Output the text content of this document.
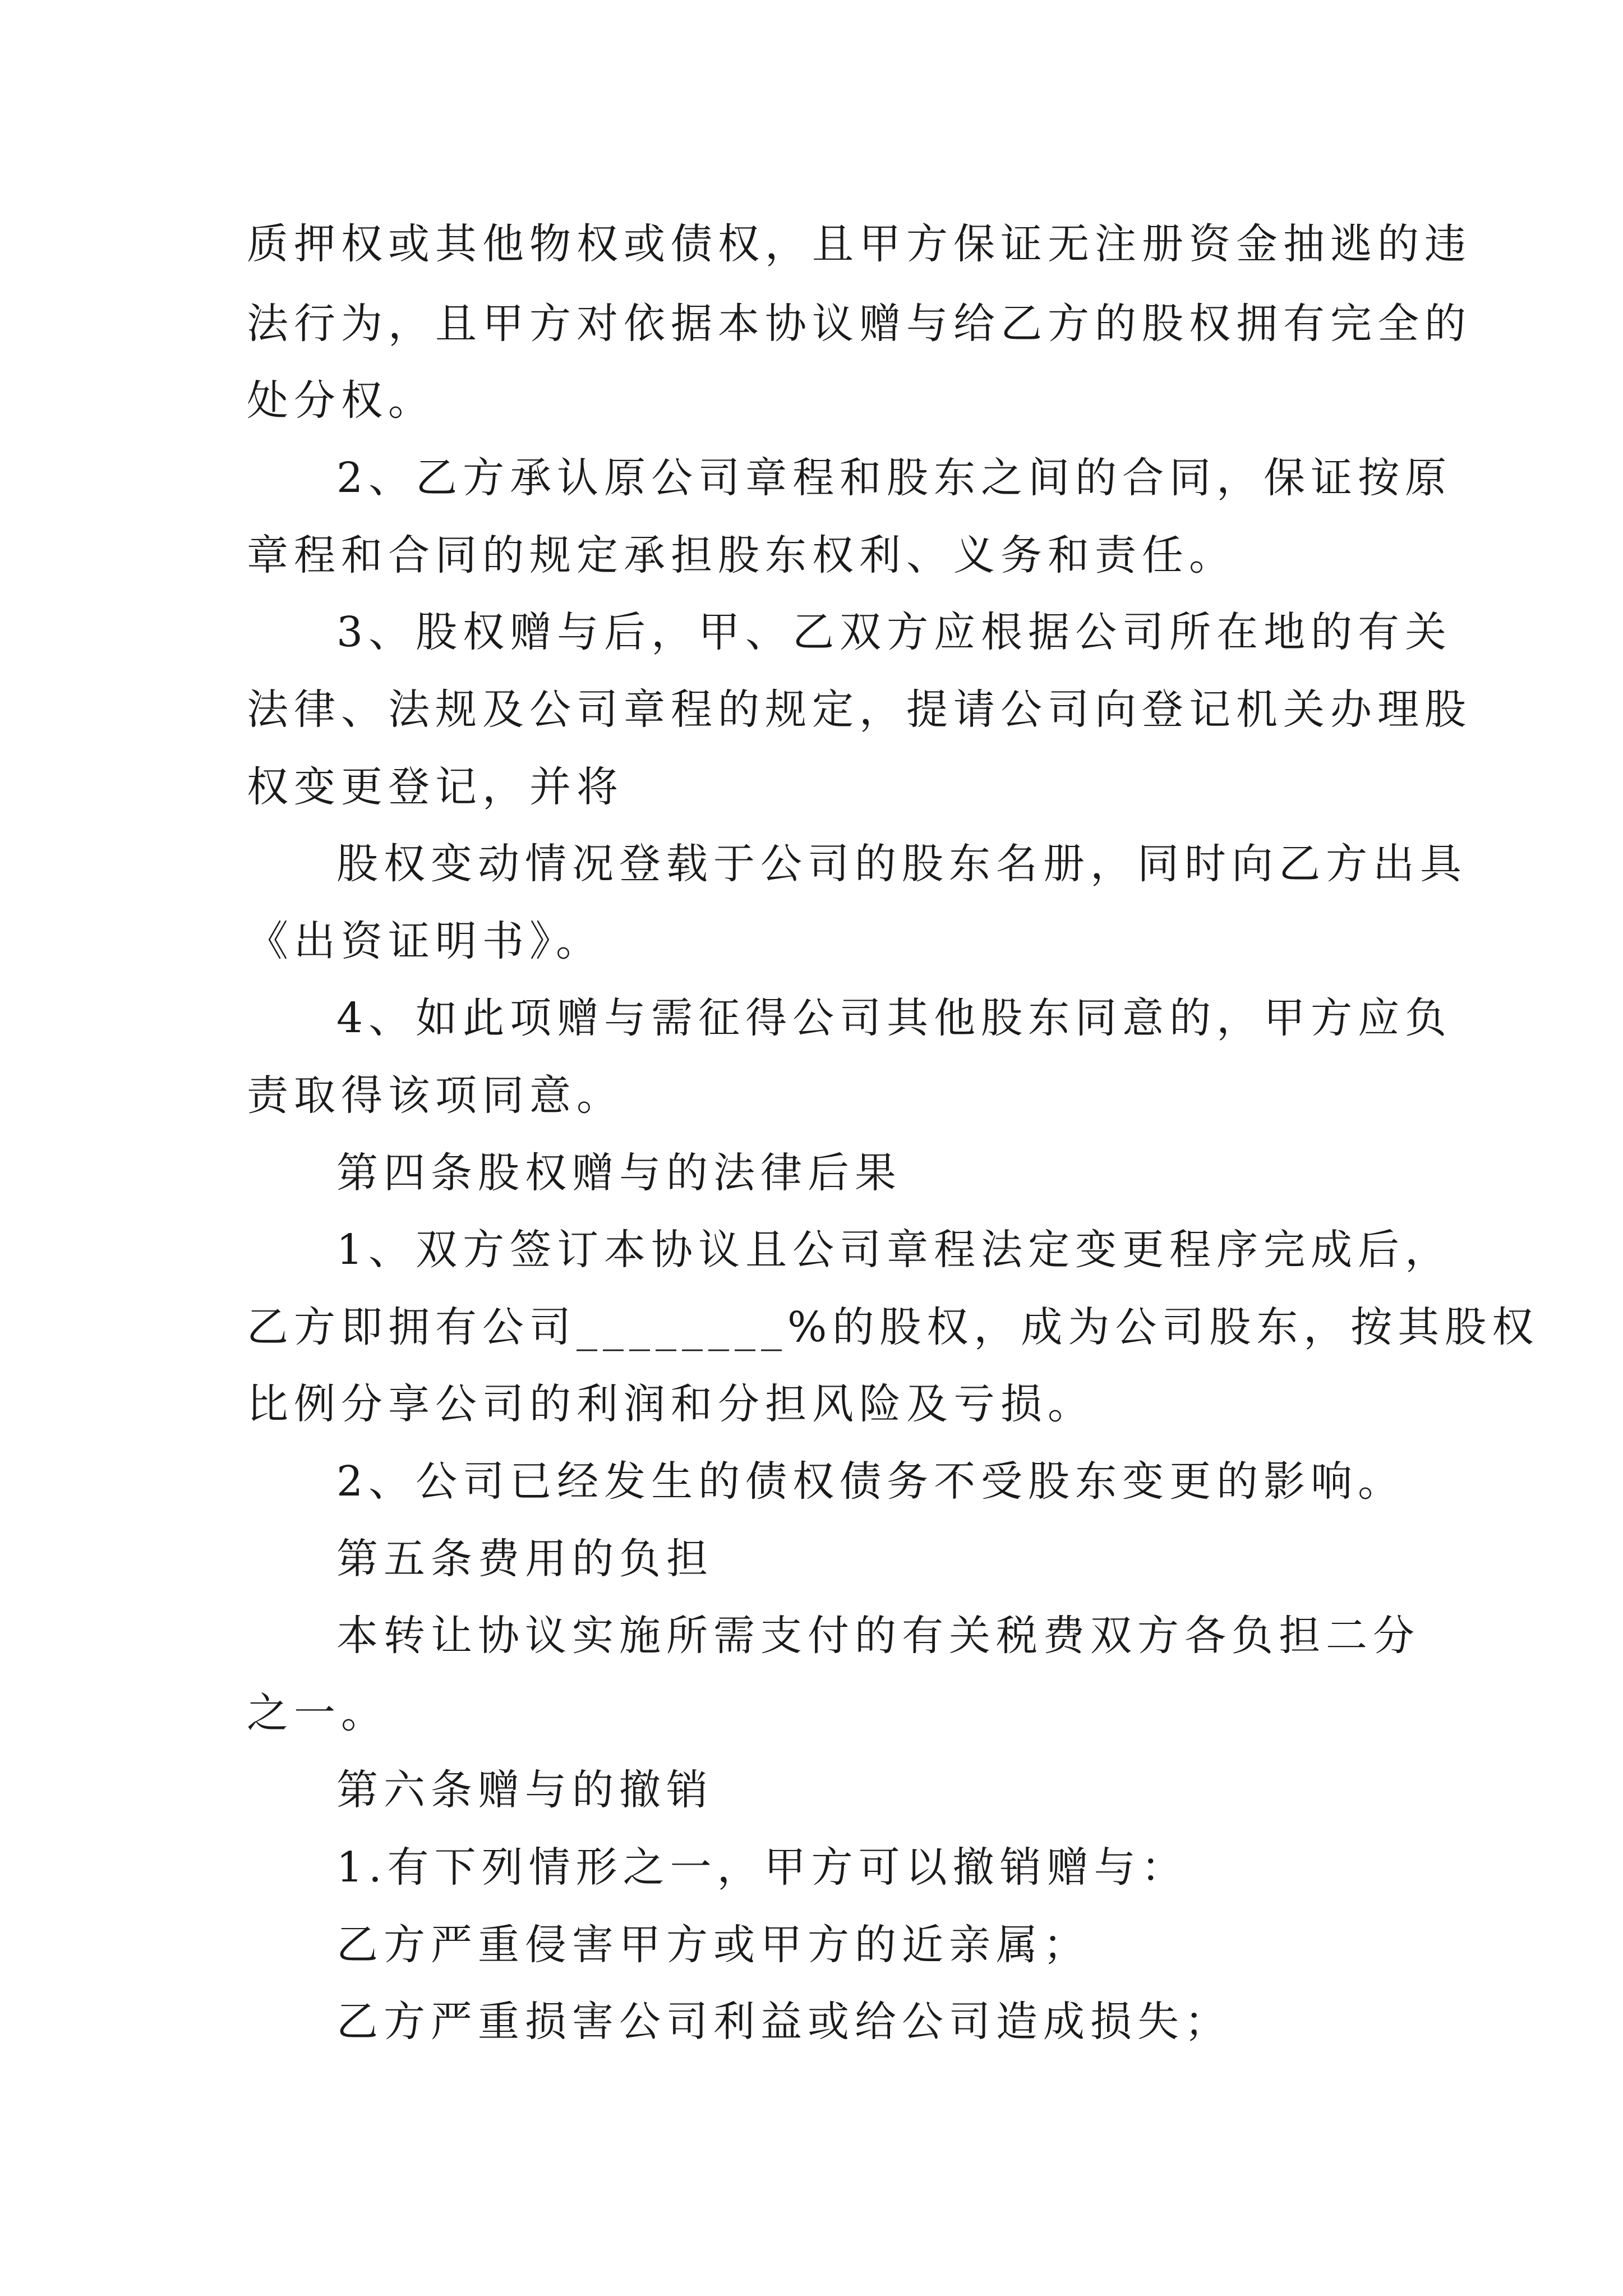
质押权或其他物权或债权，且甲方保证无注册资金抽逃的违
法行为，且甲方对依据本协议赠与给乙方的股权拥有完全的
处分权。
2、乙方承认原公司章程和股东之间的合同，保证按原
章程和合同的规定承担股东权利、义务和责任。
3、股权赠与后，甲、乙双方应根据公司所在地的有关
法律、法规及公司章程的规定，提请公司向登记机关办理股
权变更登记，并将
股权变动情况登载于公司的股东名册，同时向乙方出具
《出资证明书》。
4、如此项赠与需征得公司其他股东同意的，甲方应负
责取得该项同意。
第四条股权赠与的法律后果
1、双方签订本协议且公司章程法定变更程序完成后，
乙方即拥有公司________%的股权，成为公司股东，按其股权
比例分享公司的利润和分担风险及亏损。
2、公司已经发生的债权债务不受股东变更的影响。
第五条费用的负担
本转让协议实施所需支付的有关税费双方各负担二分
之一。
第六条赠与的撤销
1.有下列情形之一，甲方可以撤销赠与：
乙方严重侵害甲方或甲方的近亲属；
乙方严重损害公司利益或给公司造成损失；
